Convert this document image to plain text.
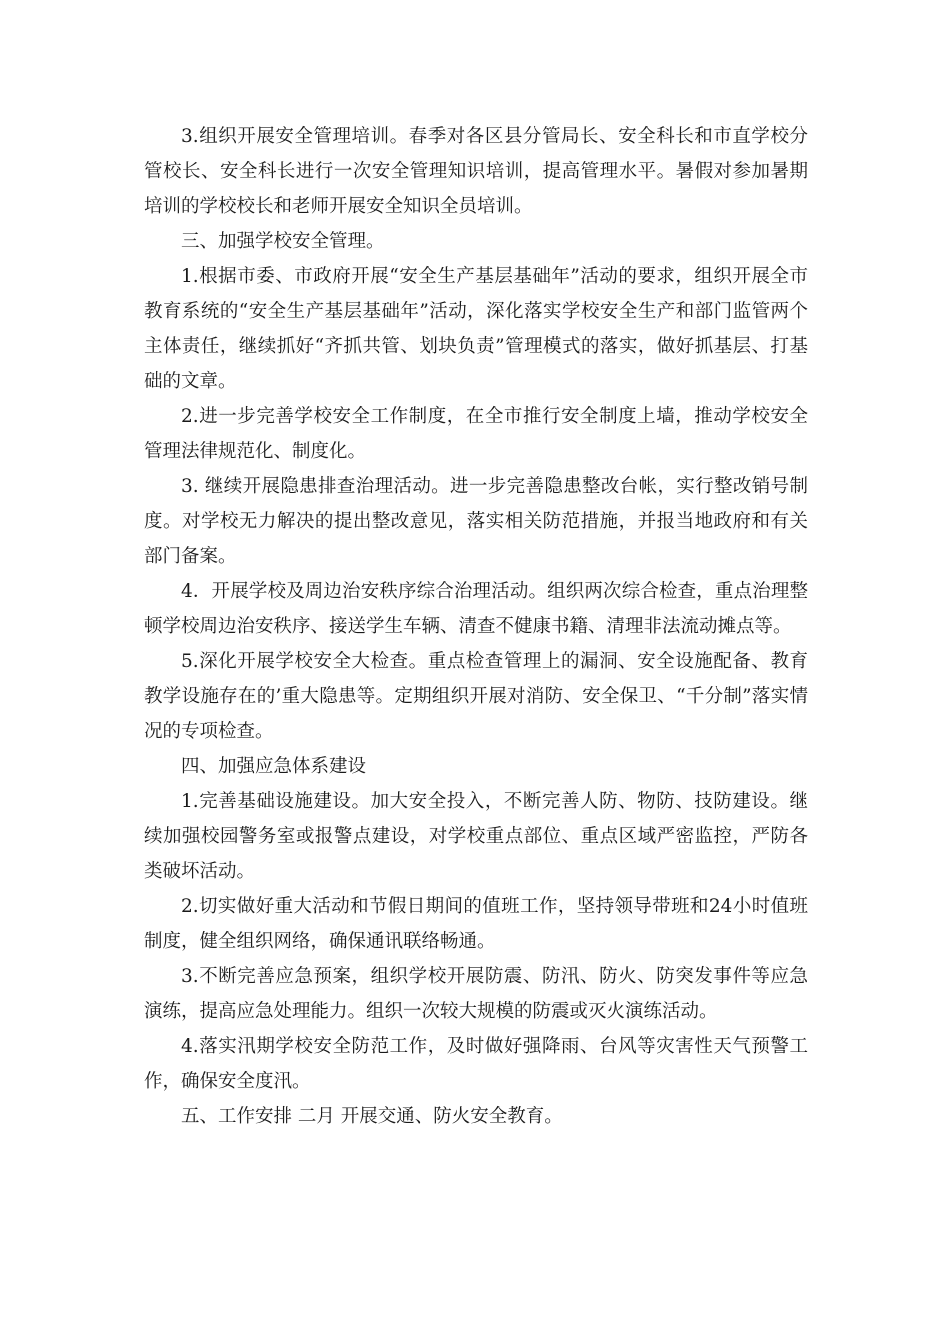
3.组织开展安全管理培训。春季对各区县分管局长、安全科长和市直学校分管校长、安全科长进行一次安全管理知识培训，提高管理水平。暑假对参加暑期培训的学校校长和老师开展安全知识全员培训。

三、加强学校安全管理。

1.根据市委、市政府开展“安全生产基层基础年”活动的要求，组织开展全市教育系统的“安全生产基层基础年”活动，深化落实学校安全生产和部门监管两个主体责任，继续抓好“齐抓共管、划块负责”管理模式的落实，做好抓基层、打基础的文章。

2.进一步完善学校安全工作制度，在全市推行安全制度上墙，推动学校安全管理法律规范化、制度化。

3. 继续开展隐患排查治理活动。进一步完善隐患整改台帐，实行整改销号制度。对学校无力解决的提出整改意见，落实相关防范措施，并报当地政府和有关部门备案。

4．开展学校及周边治安秩序综合治理活动。组织两次综合检查，重点治理整顿学校周边治安秩序、接送学生车辆、清查不健康书籍、清理非法流动摊点等。

5.深化开展学校安全大检查。重点检查管理上的漏洞、安全设施配备、教育教学设施存在的’重大隐患等。定期组织开展对消防、安全保卫、“千分制”落实情况的专项检查。

四、加强应急体系建设

1.完善基础设施建设。加大安全投入，不断完善人防、物防、技防建设。继续加强校园警务室或报警点建设，对学校重点部位、重点区域严密监控，严防各类破坏活动。

2.切实做好重大活动和节假日期间的值班工作，坚持领导带班和24小时值班制度，健全组织网络，确保通讯联络畅通。

3.不断完善应急预案，组织学校开展防震、防汛、防火、防突发事件等应急演练，提高应急处理能力。组织一次较大规模的防震或灭火演练活动。

4.落实汛期学校安全防范工作，及时做好强降雨、台风等灾害性天气预警工作，确保安全度汛。

五、工作安排 二月 开展交通、防火安全教育。
